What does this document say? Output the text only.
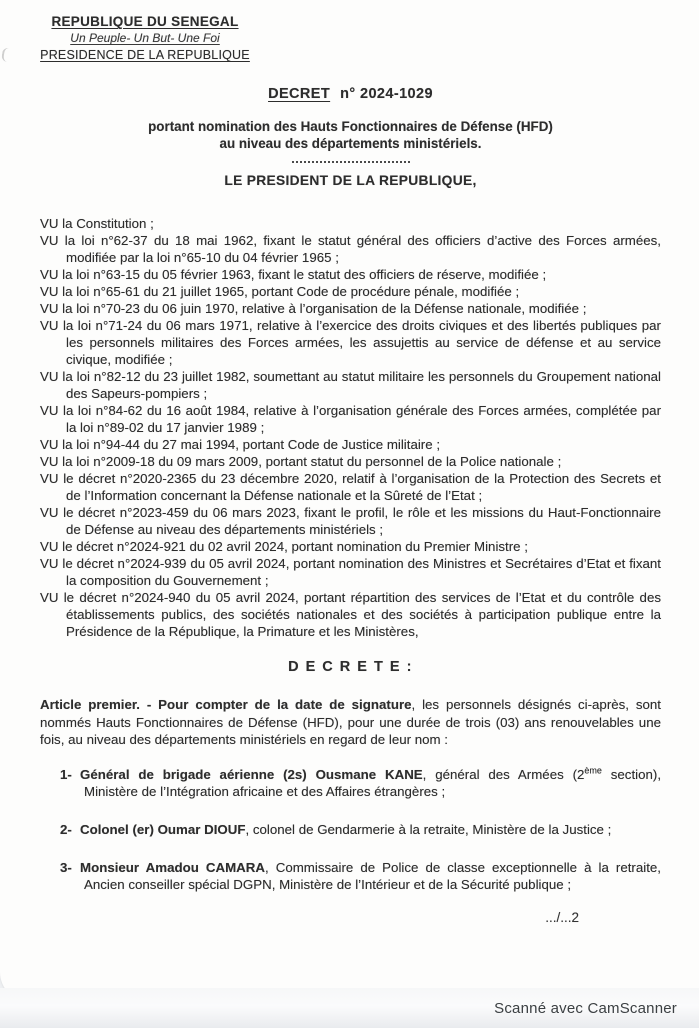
REPUBLIQUE DU SENEGAL
Un Peuple- Un But- Une Foi
PRESIDENCE DE LA REPUBLIQUE
DECRET n° 2024-1029
portant nomination des Hauts Fonctionnaires de Défense (HFD)
au niveau des départements ministériels.
LE PRESIDENT DE LA REPUBLIQUE,
VU la Constitution ;
VU la loi n°62-37 du 18 mai 1962, fixant le statut général des officiers d’active des Forces armées, modifiée par la loi n°65-10 du 04 février 1965 ;
VU la loi n°63-15 du 05 février 1963, fixant le statut des officiers de réserve, modifiée ;
VU la loi n°65-61 du 21 juillet 1965, portant Code de procédure pénale, modifiée ;
VU la loi n°70-23 du 06 juin 1970, relative à l’organisation de la Défense nationale, modifiée ;
VU la loi n°71-24 du 06 mars 1971, relative à l’exercice des droits civiques et des libertés publiques par les personnels militaires des Forces armées, les assujettis au service de défense et au service civique, modifiée ;
VU la loi n°82-12 du 23 juillet 1982, soumettant au statut militaire les personnels du Groupement national des Sapeurs-pompiers ;
VU la loi n°84-62 du 16 août 1984, relative à l’organisation générale des Forces armées, complétée par la loi n°89-02 du 17 janvier 1989 ;
VU la loi n°94-44 du 27 mai 1994, portant Code de Justice militaire ;
VU la loi n°2009-18 du 09 mars 2009, portant statut du personnel de la Police nationale ;
VU le décret n°2020-2365 du 23 décembre 2020, relatif à l’organisation de la Protection des Secrets et de l’Information concernant la Défense nationale et la Sûreté de l’Etat ;
VU le décret n°2023-459 du 06 mars 2023, fixant le profil, le rôle et les missions du Haut-Fonctionnaire de Défense au niveau des départements ministériels ;
VU le décret n°2024-921 du 02 avril 2024, portant nomination du Premier Ministre ;
VU le décret n°2024-939 du 05 avril 2024, portant nomination des Ministres et Secrétaires d’Etat et fixant la composition du Gouvernement ;
VU le décret n°2024-940 du 05 avril 2024, portant répartition des services de l’Etat et du contrôle des établissements publics, des sociétés nationales et des sociétés à participation publique entre la Présidence de la République, la Primature et les Ministères,
D E C R E T E :

Article premier. - Pour compter de la date de signature, les personnels désignés ci-après, sont nommés Hauts Fonctionnaires de Défense (HFD), pour une durée de trois (03) ans renouvelables une fois, au niveau des départements ministériels en regard de leur nom :

1- Général de brigade aérienne (2s) Ousmane KANE, général des Armées (2ème section), Ministère de l’Intégration africaine et des Affaires étrangères ;
2- Colonel (er) Oumar DIOUF, colonel de Gendarmerie à la retraite, Ministère de la Justice ;
3- Monsieur Amadou CAMARA, Commissaire de Police de classe exceptionnelle à la retraite, Ancien conseiller spécial DGPN, Ministère de l’Intérieur et de la Sécurité publique ;
.../...2
Scanné avec CamScanner
